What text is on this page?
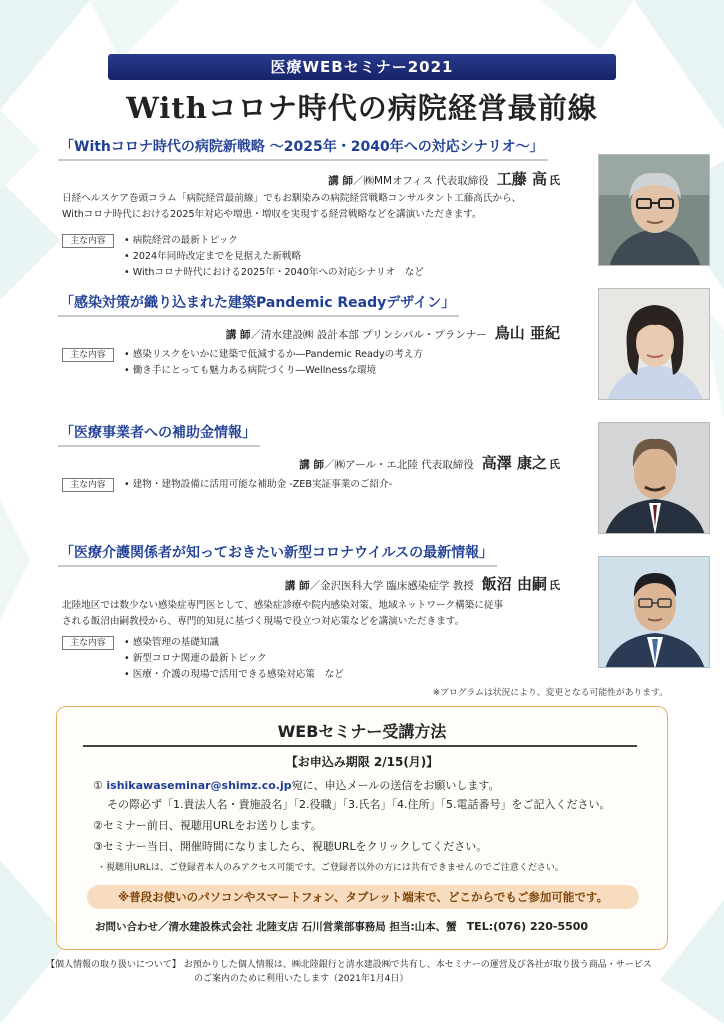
医療WEBセミナー2021
Withコロナ時代の病院経営最前線
「Withコロナ時代の病院新戦略 ～2025年・2040年への対応シナリオ～」
講 師／㈱MMオフィス 代表取締役 工藤 高 氏
日経ヘルスケア巻頭コラム「病院経営最前線」でもお馴染みの病院経営戦略コンサルタント工藤高氏から、
Withコロナ時代における2025年対応や増患・増収を実現する経営戦略などを講演いただきます。
主な内容	• 病院経営の最新トピック
• 2024年同時改定までを見据えた新戦略
• Withコロナ時代における2025年・2040年への対応シナリオ　など
「感染対策が織り込まれた建築Pandemic Readyデザイン」
講 師／清水建設㈱ 設計本部 プリンシパル・プランナー 鳥山 亜紀
主な内容	• 感染リスクをいかに建築で低減するか―Pandemic Readyの考え方
• 働き手にとっても魅力ある病院づくり―Wellnessな環境
「医療事業者への補助金情報」
講 師／㈱アール・エ北陸 代表取締役 高澤 康之 氏
主な内容	• 建物・建物設備に活用可能な補助金 -ZEB実証事業のご紹介-
「医療介護関係者が知っておきたい新型コロナウイルスの最新情報」
講 師／金沢医科大学 臨床感染症学 教授 飯沼 由嗣 氏
北陸地区では数少ない感染症専門医として、感染症診療や院内感染対策、地域ネットワーク構築に従事
される飯沼由嗣教授から、専門的知見に基づく現場で役立つ対応策などを講演いただきます。
主な内容	• 感染管理の基礎知識
• 新型コロナ関連の最新トピック
• 医療・介護の現場で活用できる感染対応策　など
※プログラムは状況により、変更となる可能性があります。
WEBセミナー受講方法
【お申込み期限 2/15(月)】
① ishikawaseminar@shimz.co.jp宛に、申込メールの送信をお願いします。
その際必ず「1.貴法人名・貴施設名」「2.役職」「3.氏名」「4.住所」「5.電話番号」をご記入ください。
②セミナー前日、視聴用URLをお送りします。
③セミナー当日、開催時間になりましたら、視聴URLをクリックしてください。
・視聴用URLは、ご登録者本人のみアクセス可能です。ご登録者以外の方には共有できませんのでご注意ください。
※普段お使いのパソコンやスマートフォン、タブレット端末で、どこからでもご参加可能です。
お問い合わせ／清水建設株式会社 北陸支店 石川営業部事務局 担当:山本、蟹 TEL:(076) 220-5500
【個人情報の取り扱いについて】 お預かりした個人情報は、㈱北陸銀行と清水建設㈱で共有し、本セミナーの運営及び各社が取り扱う商品・サービス
のご案内のために利用いたします（2021年1月4日）
